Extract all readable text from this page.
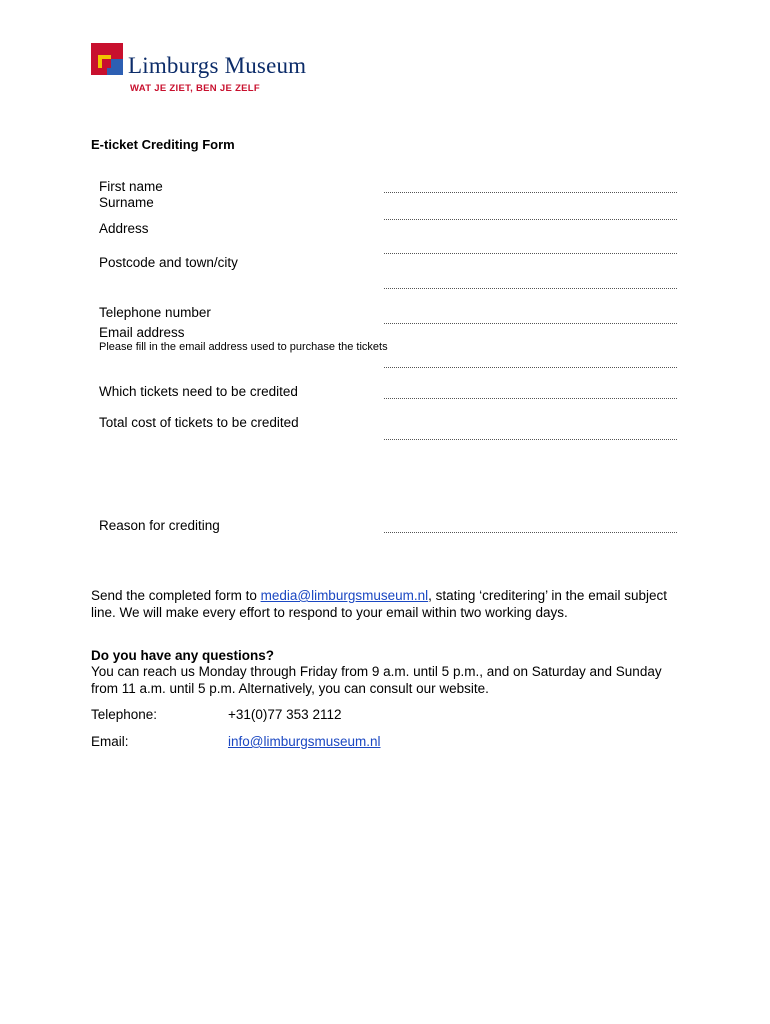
Limburgs Museum
WAT JE ZIET, BEN JE ZELF
E-ticket Crediting Form
First name
Surname
Address
Postcode and town/city
Telephone number
Email address
Please fill in the email address used to purchase the tickets
Which tickets need to be credited
Total cost of tickets to be credited
Reason for crediting
Send the completed form to media@limburgsmuseum.nl, stating ‘creditering’ in the email subject line. We will make every effort to respond to your email within two working days.
Do you have any questions?
You can reach us Monday through Friday from 9 a.m. until 5 p.m., and on Saturday and Sunday from 11 a.m. until 5 p.m. Alternatively, you can consult our website.
Telephone:	+31(0)77 353 2112
Email:	info@limburgsmuseum.nl
